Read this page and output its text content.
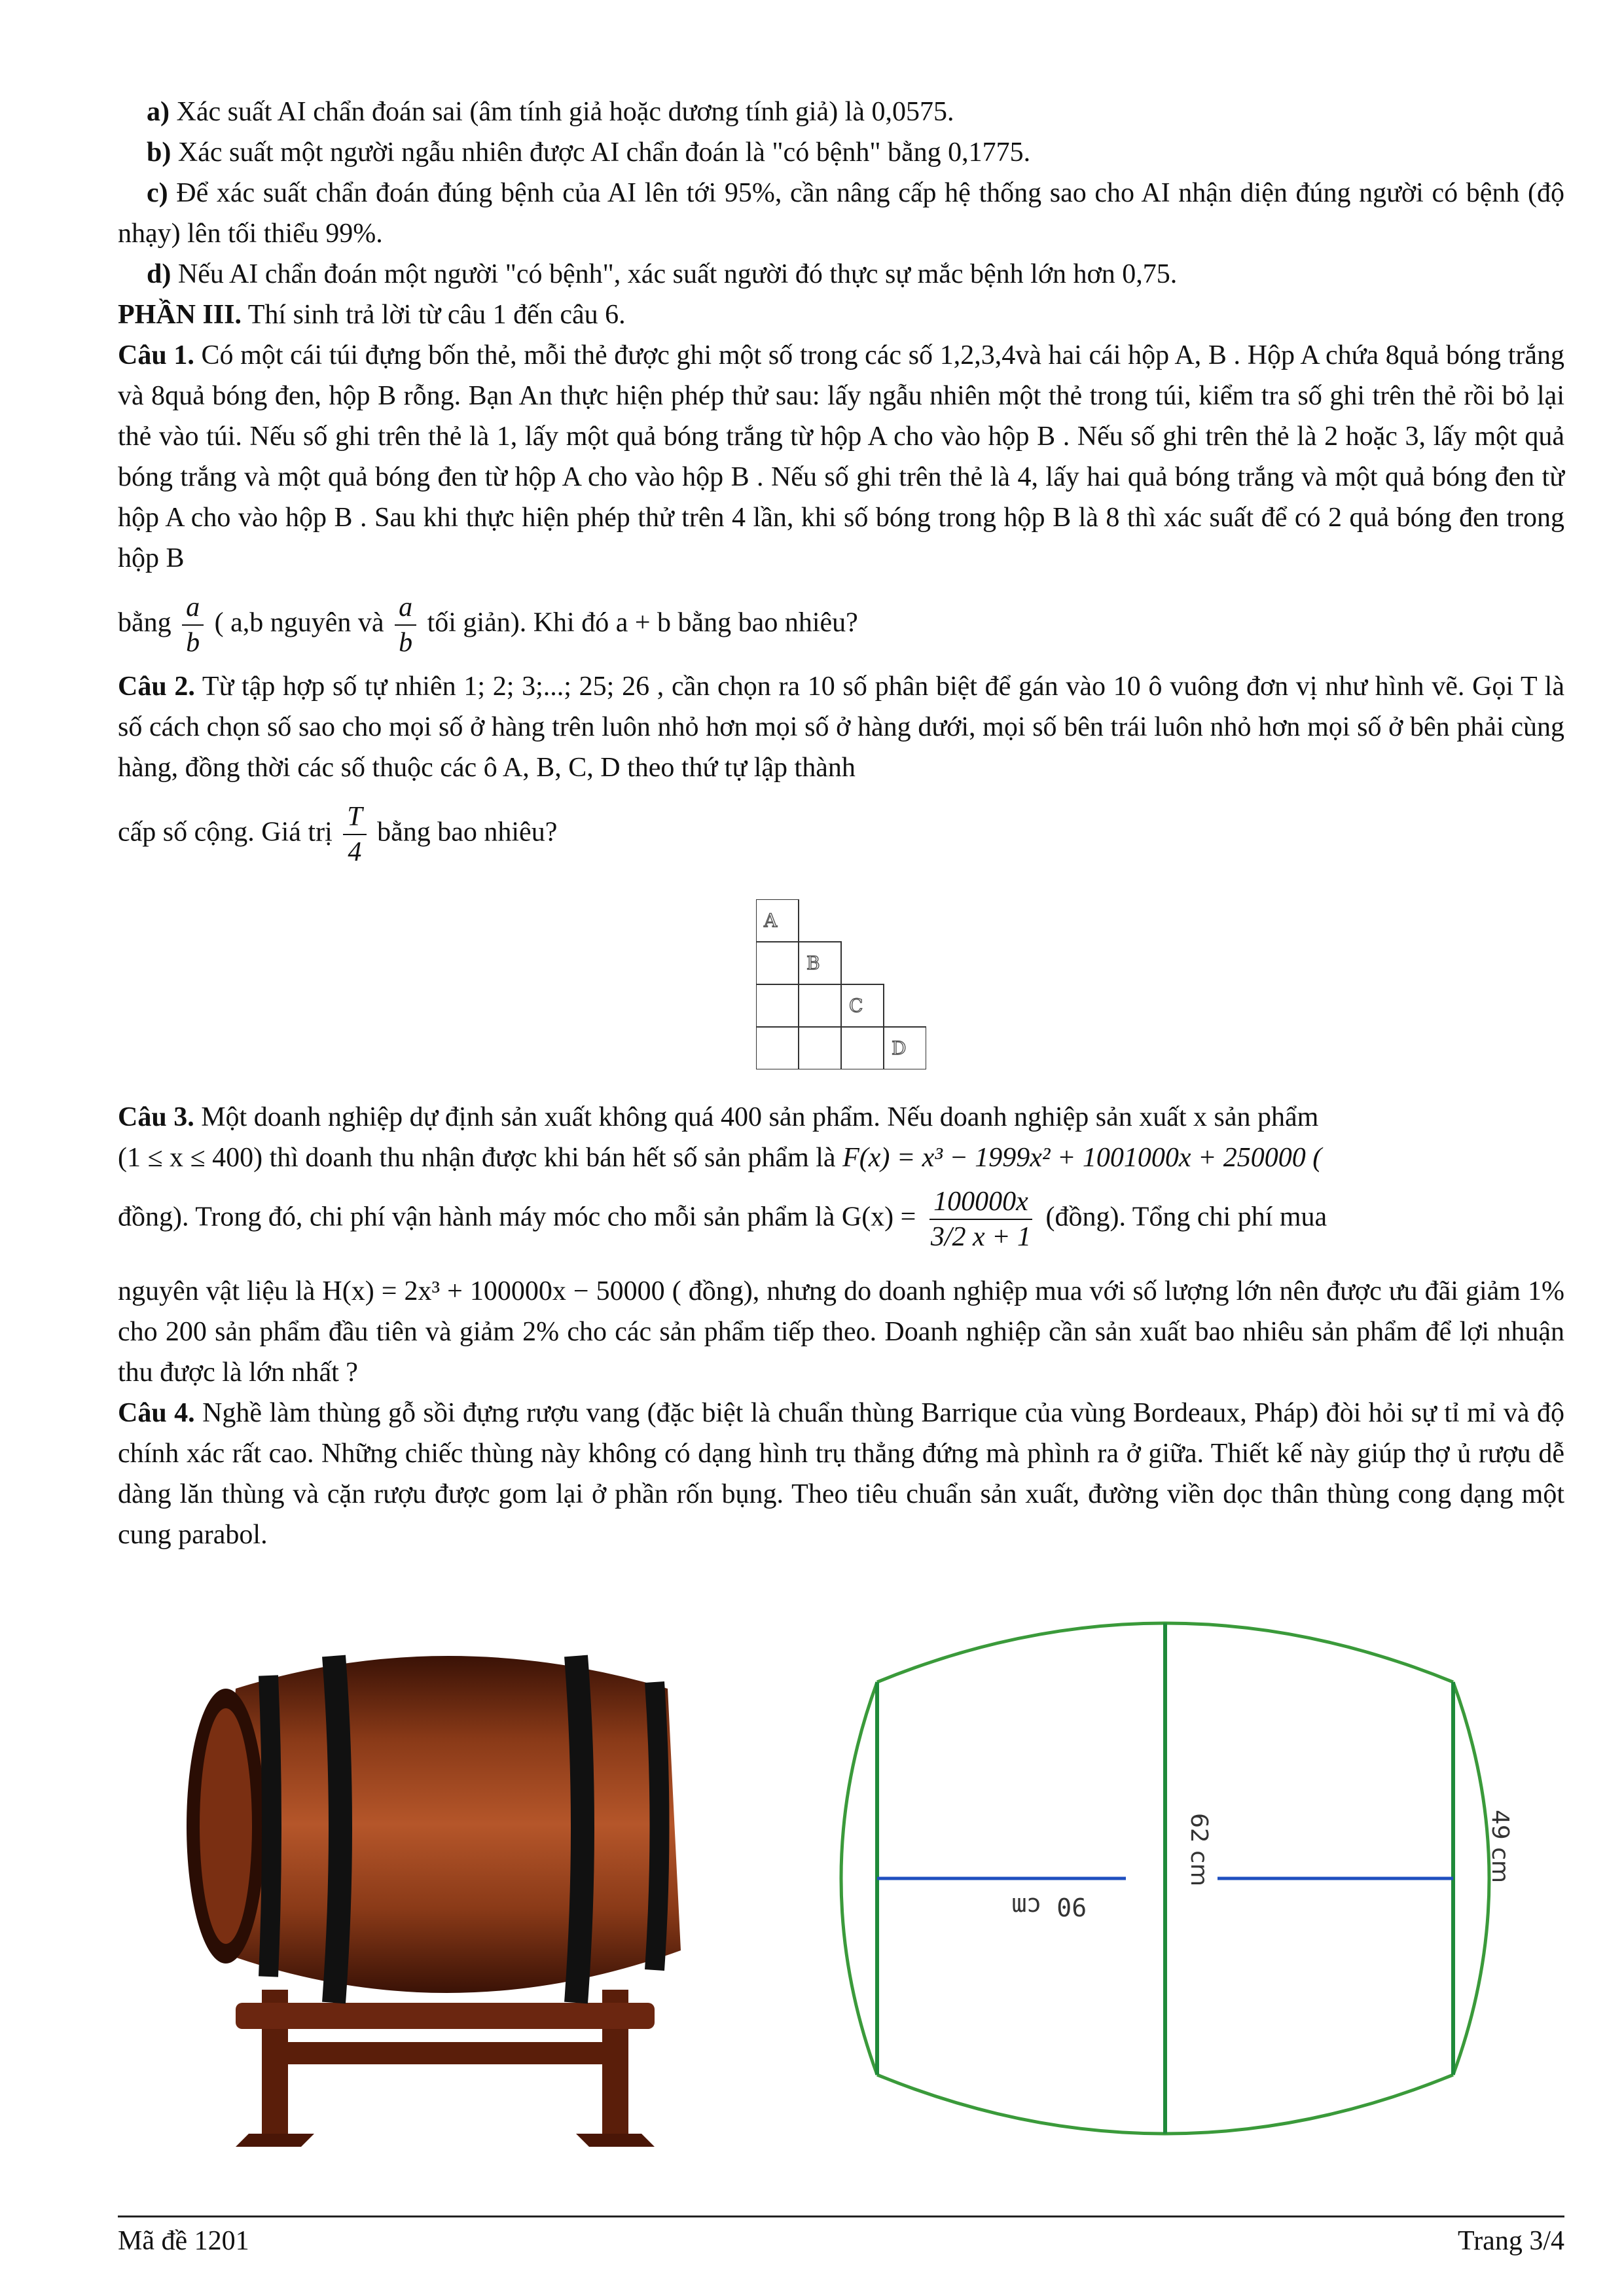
a) Xác suất AI chẩn đoán sai (âm tính giả hoặc dương tính giả) là 0,0575.

b) Xác suất một người ngẫu nhiên được AI chẩn đoán là "có bệnh" bằng 0,1775.

c) Để xác suất chẩn đoán đúng bệnh của AI lên tới 95%, cần nâng cấp hệ thống sao cho AI nhận diện đúng người có bệnh (độ nhạy) lên tối thiểu 99%.

d) Nếu AI chẩn đoán một người "có bệnh", xác suất người đó thực sự mắc bệnh lớn hơn 0,75.

PHẦN III. Thí sinh trả lời từ câu 1 đến câu 6.

Câu 1. Có một cái túi đựng bốn thẻ, mỗi thẻ được ghi một số trong các số 1,2,3,4và hai cái hộp A, B . Hộp A chứa 8quả bóng trắng và 8quả bóng đen, hộp B rỗng. Bạn An thực hiện phép thử sau: lấy ngẫu nhiên một thẻ trong túi, kiểm tra số ghi trên thẻ rồi bỏ lại thẻ vào túi. Nếu số ghi trên thẻ là 1, lấy một quả bóng trắng từ hộp A cho vào hộp B . Nếu số ghi trên thẻ là 2 hoặc 3, lấy một quả bóng trắng và một quả bóng đen từ hộp A cho vào hộp B . Nếu số ghi trên thẻ là 4, lấy hai quả bóng trắng và một quả bóng đen từ hộp A cho vào hộp B . Sau khi thực hiện phép thử trên 4 lần, khi số bóng trong hộp B là 8 thì xác suất để có 2 quả bóng đen trong hộp B

bằng $\frac{a}{b}$ ( a,b nguyên và $\frac{a}{b}$ tối giản). Khi đó a + b bằng bao nhiêu?

Câu 2. Từ tập hợp số tự nhiên 1; 2; 3;...; 25; 26 , cần chọn ra 10 số phân biệt để gán vào 10 ô vuông đơn vị như hình vẽ. Gọi T là số cách chọn số sao cho mọi số ở hàng trên luôn nhỏ hơn mọi số ở hàng dưới, mọi số bên trái luôn nhỏ hơn mọi số ở bên phải cùng hàng, đồng thời các số thuộc các ô A, B, C, D theo thứ tự lập thành

cấp số cộng. Giá trị $\frac{T}{4}$ bằng bao nhiêu?

A
B
C
D

Câu 3. Một doanh nghiệp dự định sản xuất không quá 400 sản phẩm. Nếu doanh nghiệp sản xuất x sản phẩm

(1 ≤ x ≤ 400) thì doanh thu nhận được khi bán hết số sản phẩm là F(x) = x³ − 1999x² + 1001000x + 250000 (

đồng). Trong đó, chi phí vận hành máy móc cho mỗi sản phẩm là $G(x) = \frac{100000x}{3/2 x + 1}$ (đồng). Tổng chi phí mua

nguyên vật liệu là H(x) = 2x³ + 100000x − 50000 ( đồng), nhưng do doanh nghiệp mua với số lượng lớn nên được ưu đãi giảm 1% cho 200 sản phẩm đầu tiên và giảm 2% cho các sản phẩm tiếp theo. Doanh nghiệp cần sản xuất bao nhiêu sản phẩm để lợi nhuận thu được là lớn nhất ?

Câu 4. Nghề làm thùng gỗ sồi đựng rượu vang (đặc biệt là chuẩn thùng Barrique của vùng Bordeaux, Pháp) đòi hỏi sự tỉ mỉ và độ chính xác rất cao. Những chiếc thùng này không có dạng hình trụ thẳng đứng mà phình ra ở giữa. Thiết kế này giúp thợ ủ rượu dễ dàng lăn thùng và cặn rượu được gom lại ở phần rốn bụng. Theo tiêu chuẩn sản xuất, đường viền dọc thân thùng cong dạng một cung parabol.

90 cm
62 cm	49 cm
Mã đề 1201	Trang 3/4
